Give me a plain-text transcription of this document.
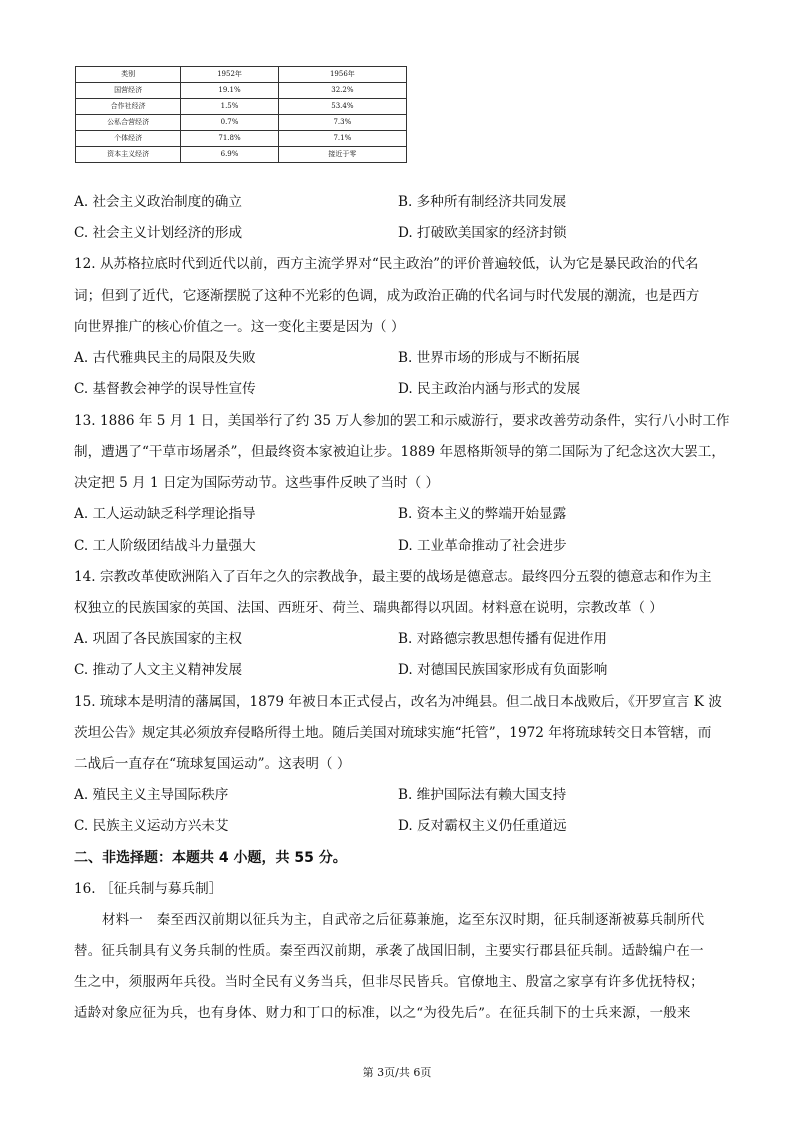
类别	1952年	1956年
国营经济	19.1%	32.2%
合作社经济	1.5%	53.4%
公私合营经济	0.7%	7.3%
个体经济	71.8%	7.1%
资本主义经济	6.9%	接近于零
A. 社会主义政治制度的确立	B. 多种所有制经济共同发展
C. 社会主义计划经济的形成	D. 打破欧美国家的经济封锁
12. 从苏格拉底时代到近代以前，西方主流学界对“民主政治”的评价普遍较低，认为它是暴民政治的代名
词；但到了近代，它逐渐摆脱了这种不光彩的色调，成为政治正确的代名词与时代发展的潮流，也是西方
向世界推广的核心价值之一。这一变化主要是因为（ ）
A. 古代雅典民主的局限及失败	B. 世界市场的形成与不断拓展
C. 基督教会神学的误导性宣传	D. 民主政治内涵与形式的发展
13. 1886 年 5 月 1 日，美国举行了约 35 万人参加的罢工和示威游行，要求改善劳动条件，实行八小时工作
制，遭遇了“干草市场屠杀”，但最终资本家被迫让步。1889 年恩格斯领导的第二国际为了纪念这次大罢工，
决定把 5 月 1 日定为国际劳动节。这些事件反映了当时（ ）
A. 工人运动缺乏科学理论指导	B. 资本主义的弊端开始显露
C. 工人阶级团结战斗力量强大	D. 工业革命推动了社会进步
14. 宗教改革使欧洲陷入了百年之久的宗教战争，最主要的战场是德意志。最终四分五裂的德意志和作为主
权独立的民族国家的英国、法国、西班牙、荷兰、瑞典都得以巩固。材料意在说明，宗教改革（ ）
A. 巩固了各民族国家的主权	B. 对路德宗教思想传播有促进作用
C. 推动了人文主义精神发展	D. 对德国民族国家形成有负面影响
15. 琉球本是明清的藩属国，1879 年被日本正式侵占，改名为冲绳县。但二战日本战败后，《开罗宣言 K 波
茨坦公告》规定其必须放弃侵略所得土地。随后美国对琉球实施“托管”，1972 年将琉球转交日本管辖，而
二战后一直存在“琉球复国运动”。这表明（ ）
A. 殖民主义主导国际秩序	B. 维护国际法有赖大国支持
C. 民族主义运动方兴未艾	D. 反对霸权主义仍任重道远
二、非选择题：本题共 4 小题，共 55 分。
16. ［征兵制与募兵制］
材料一　秦至西汉前期以征兵为主，自武帝之后征募兼施，迄至东汉时期，征兵制逐渐被募兵制所代
替。征兵制具有义务兵制的性质。秦至西汉前期，承袭了战国旧制，主要实行郡县征兵制。适龄编户在一
生之中，须服两年兵役。当时全民有义务当兵，但非尽民皆兵。官僚地主、殷富之家享有许多优抚特权；
适龄对象应征为兵，也有身体、财力和丁口的标准，以之“为役先后”。在征兵制下的士兵来源，一般来
第 3页/共 6页
